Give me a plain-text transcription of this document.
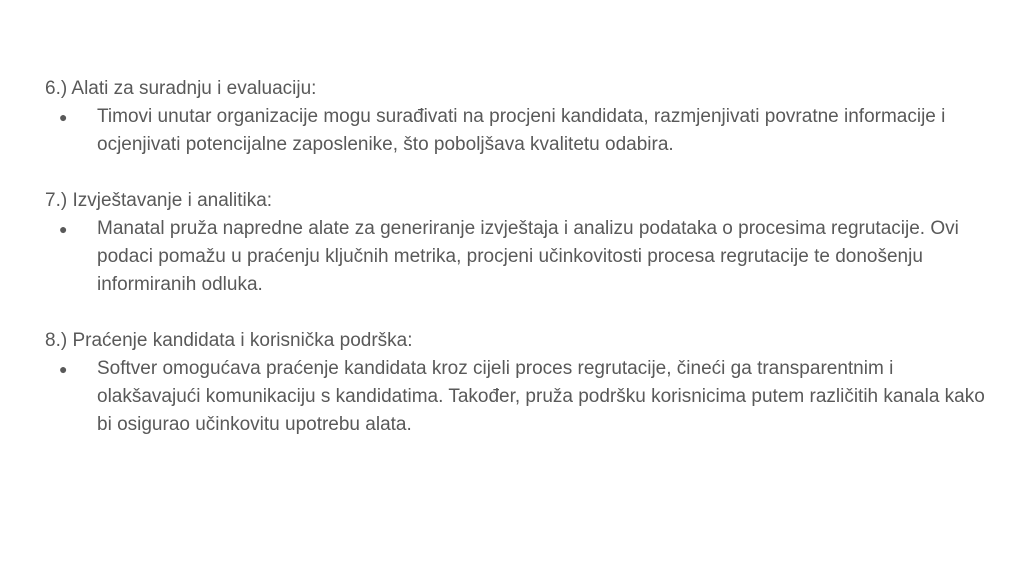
6.) Alati za suradnju i evaluaciju:

● Timovi unutar organizacije mogu surađivati na procjeni kandidata, razmjenjivati povratne informacije i ocjenjivati potencijalne zaposlenike, što poboljšava kvalitetu odabira.

7.) Izvještavanje i analitika:

● Manatal pruža napredne alate za generiranje izvještaja i analizu podataka o procesima regrutacije. Ovi podaci pomažu u praćenju ključnih metrika, procjeni učinkovitosti procesa regrutacije te donošenju informiranih odluka.

8.) Praćenje kandidata i korisnička podrška:

● Softver omogućava praćenje kandidata kroz cijeli proces regrutacije, čineći ga transparentnim i olakšavajući komunikaciju s kandidatima. Također, pruža podršku korisnicima putem različitih kanala kako bi osigurao učinkovitu upotrebu alata.
